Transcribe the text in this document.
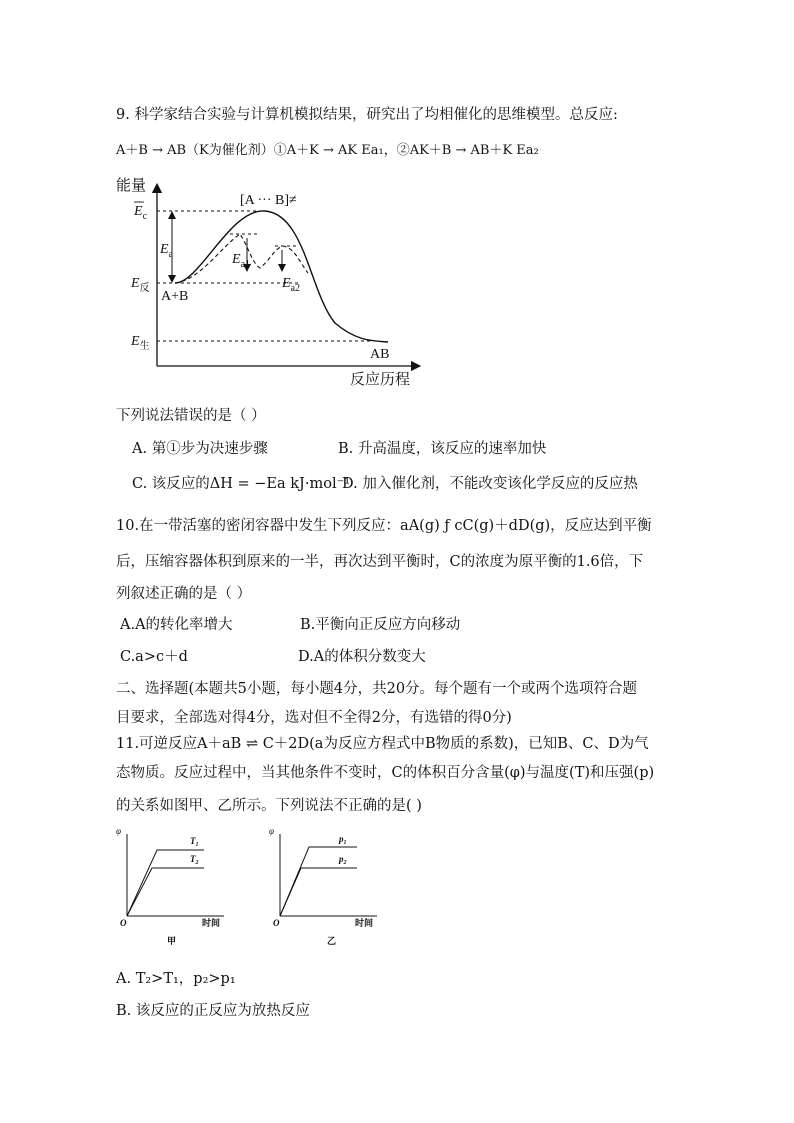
9. 科学家结合实验与计算机模拟结果，研究出了均相催化的思维模型。总反应:
A＋B → AB（K为催化剂）①A＋K → AK Ea₁，②AK＋B → AB＋K Ea₂
能量
反应历程
$E_c$
$E_反$
$E_生$
$E_a$	$E_{a1}$
$E_{a2}$
[A ··· B]≠
A+B
AB
下列说法错误的是（ ）
A. 第①步为决速步骤	B. 升高温度，该反应的速率加快
C. 该反应的ΔH = −Ea kJ·mol⁻¹
D. 加入催化剂，不能改变该化学反应的反应热
10.在一带活塞的密闭容器中发生下列反应：aA(g) ƒ cC(g)＋dD(g)，反应达到平衡
后，压缩容器体积到原来的一半，再次达到平衡时，C的浓度为原平衡的1.6倍，下
列叙述正确的是（ ）
A.A的转化率增大	B.平衡向正反应方向移动
C.a>c＋d	D.A的体积分数变大
二、选择题(本题共5小题，每小题4分，共20分。每个题有一个或两个选项符合题
目要求，全部选对得4分，选对但不全得2分，有选错的得0分)
11.可逆反应A＋aB ⇌ C＋2D(a为反应方程式中B物质的系数)，已知B、C、D为气
态物质。反应过程中，当其他条件不变时，C的体积百分含量(φ)与温度(T)和压强(p)
的关系如图甲、乙所示。下列说法不正确的是( )
φ
O	时间
甲
$T_1$
$T_2$
φ
O	时间
乙
$p_1$
$p_2$
A. T₂>T₁，p₂>p₁
B. 该反应的正反应为放热反应
